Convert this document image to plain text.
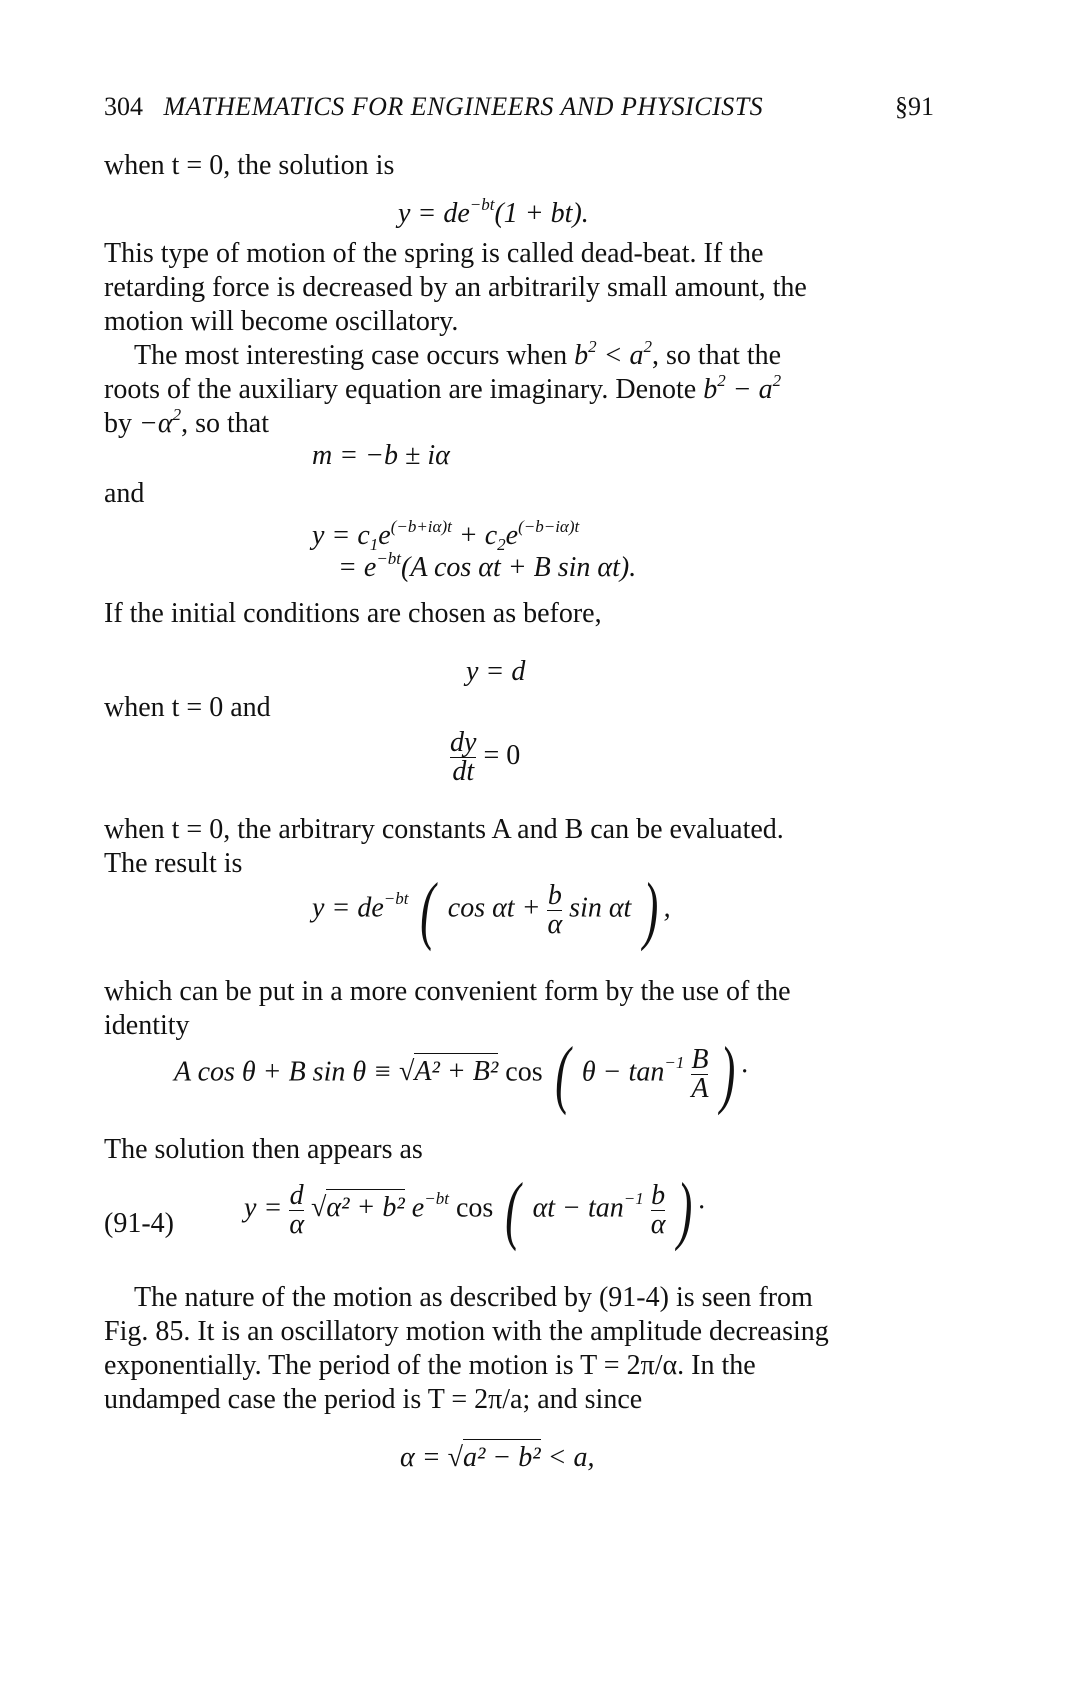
304 MATHEMATICS FOR ENGINEERS AND PHYSICISTS	§91
when t = 0, the solution is
$y = de^{-bt}(1 + bt)$.
This type of motion of the spring is called dead-beat. If the
retarding force is decreased by an arbitrarily small amount, the
motion will become oscillatory.
The most interesting case occurs when $b^2 < a^2$, so that the
roots of the auxiliary equation are imaginary. Denote $b^2 - a^2$
by $-\alpha^2$, so that
m = −b ± iα
and
$y = c_1e^{(-b+i\alpha)t} + c_2e^{(-b-i\alpha)t}$
= $e^{-bt}(A$ cos αt + B sin αt).
If the initial conditions are chosen as before,
y = d
when t = 0 and
$\frac{dy}{dt} = 0$
when t = 0, the arbitrary constants A and B can be evaluated.
The result is
$y = de^{-bt}$ ( $\cos \alpha t + \frac{b}{\alpha}$ sin αt ) ,
which can be put in a more convenient form by the use of the
identity
A cos θ + B sin θ ≡ √A² + B² cos ( $\theta - \tan^{-1} \frac{B}{A}$ ) ·
The solution then appears as
(91-4)
$y = \frac{d}{\alpha} √\alpha^2 + b^2$ $e^{-bt}$ cos ( $\alpha t - \tan^{-1} \frac{b}{\alpha}$ ) ·
The nature of the motion as described by (91-4) is seen from
Fig. 85. It is an oscillatory motion with the amplitude decreasing
exponentially. The period of the motion is T = 2π/α. In the
undamped case the period is T = 2π/a; and since
α = √a² − b² < a,
